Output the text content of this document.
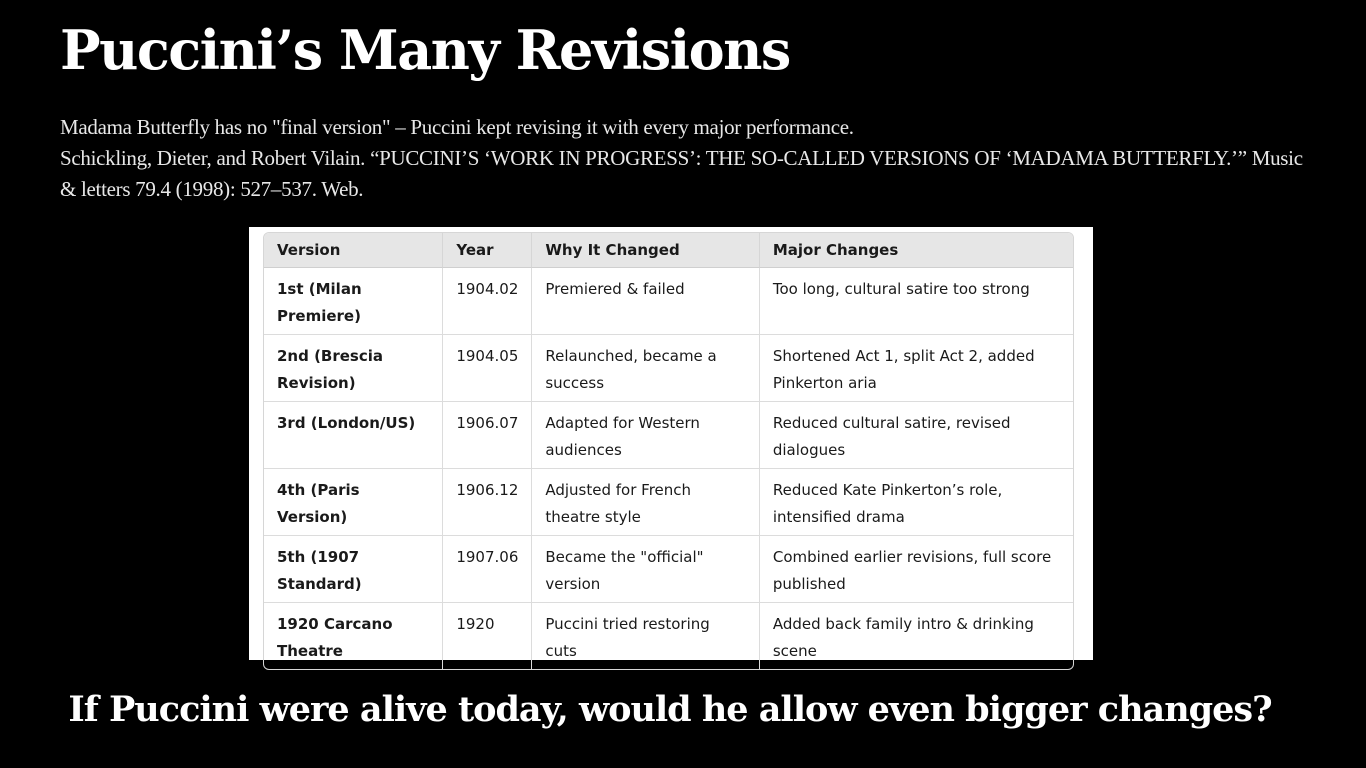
Puccini’s Many Revisions

Madama Butterfly has no "final version" – Puccini kept revising it with every major performance.

Schickling, Dieter, and Robert Vilain. “PUCCINI’S ‘WORK IN PROGRESS’: THE SO-CALLED VERSIONS OF ‘MADAMA BUTTERFLY.’” Music & letters 79.4 (1998): 527–537. Web.

Version	Year	Why It Changed	Major Changes
1st (Milan Premiere)	1904.02	Premiered & failed	Too long, cultural satire too strong
2nd (Brescia Revision)	1904.05	Relaunched, became a success	Shortened Act 1, split Act 2, added Pinkerton aria
3rd (London/US)	1906.07	Adapted for Western audiences	Reduced cultural satire, revised dialogues
4th (Paris Version)	1906.12	Adjusted for French theatre style	Reduced Kate Pinkerton’s role, intensified drama
5th (1907 Standard)	1907.06	Became the "official" version	Combined earlier revisions, full score published
1920 Carcano Theatre	1920	Puccini tried restoring cuts	Added back family intro & drinking scene

If Puccini were alive today, would he allow even bigger changes?
